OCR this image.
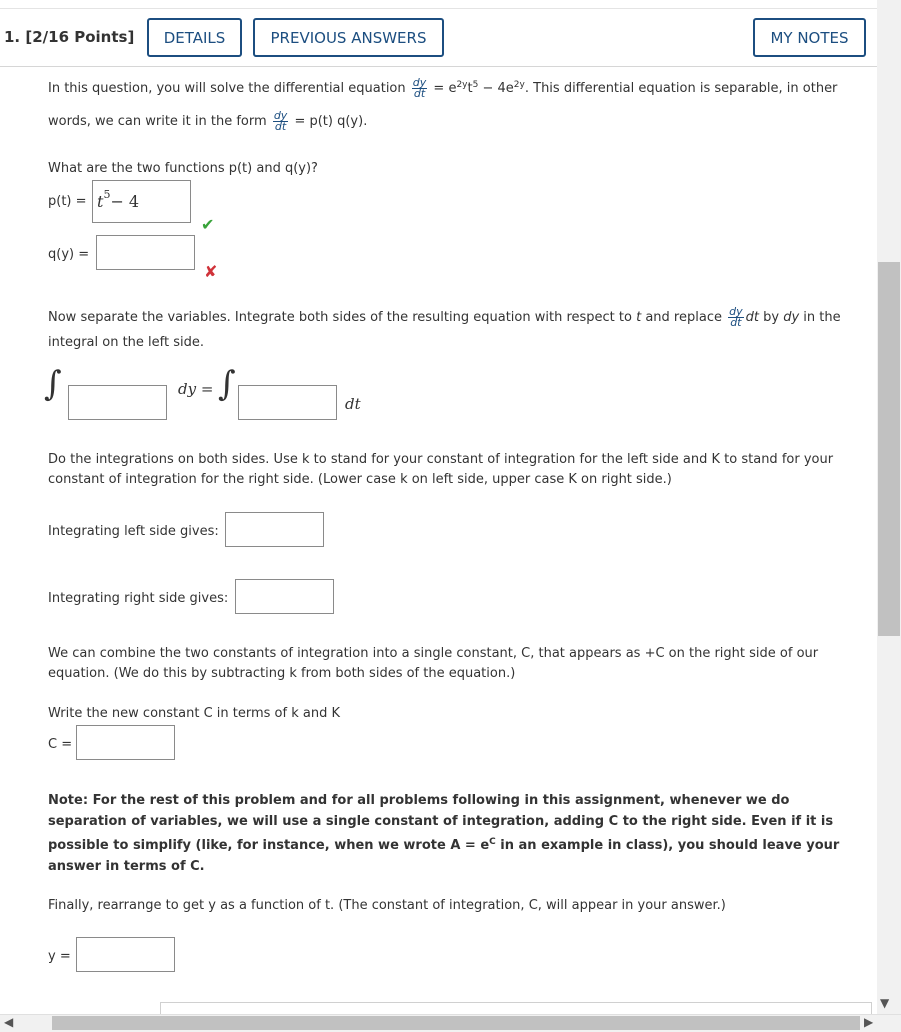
1. [2/16 Points]	DETAILS	PREVIOUS ANSWERS	MY NOTES
In this question, you will solve the differential equation $\frac{dy}{dt} = e^{2y}t^5 - 4e^{2y}$. This differential equation is separable, in other
words, we can write it in the form $\frac{dy}{dt} = p(t)$ q(y).
What are the two functions p(t) and q(y)?
p(t) = t 5 − 4
✔
q(y) =
✘
Now separate the variables. Integrate both sides of the resulting equation with respect to t and replace $\frac{dy}{dt}$ dt by dy in the
integral on the left side.
∫	dy = ∫	dt
Do the integrations on both sides. Use k to stand for your constant of integration for the left side and K to stand for your
constant of integration for the right side. (Lower case k on left side, upper case K on right side.)
Integrating left side gives:
Integrating right side gives:
We can combine the two constants of integration into a single constant, C, that appears as +C on the right side of our
equation. (We do this by subtracting k from both sides of the equation.)
Write the new constant C in terms of k and K
C =
Note: For the rest of this problem and for all problems following in this assignment, whenever we do
separation of variables, we will use a single constant of integration, adding C to the right side. Even if it is
possible to simplify (like, for instance, when we wrote $A = e^C$ in an example in class), you should leave your
answer in terms of C.
Finally, rearrange to get y as a function of t. (The constant of integration, C, will appear in your answer.)
y =
▼
◀	▶
